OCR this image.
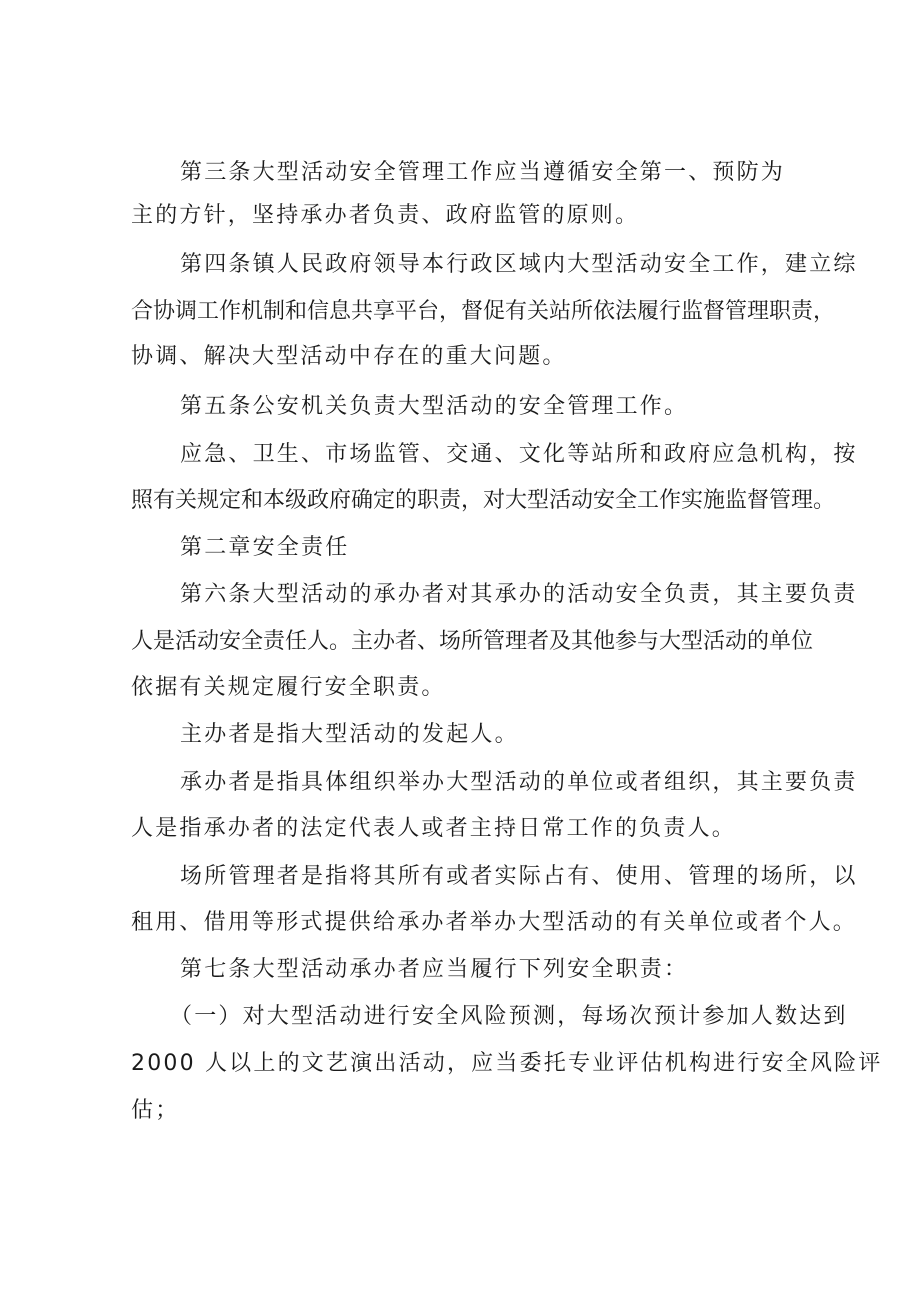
第三条大型活动安全管理工作应当遵循安全第一、预防为
主的方针，坚持承办者负责、政府监管的原则。
第四条镇人民政府领导本行政区域内大型活动安全工作，建立综
合协调工作机制和信息共享平台，督促有关站所依法履行监督管理职责，
协调、解决大型活动中存在的重大问题。
第五条公安机关负责大型活动的安全管理工作。
应急、卫生、市场监管、交通、文化等站所和政府应急机构，按
照有关规定和本级政府确定的职责，对大型活动安全工作实施监督管理。
第二章安全责任
第六条大型活动的承办者对其承办的活动安全负责，其主要负责
人是活动安全责任人。主办者、场所管理者及其他参与大型活动的单位
依据有关规定履行安全职责。
主办者是指大型活动的发起人。
承办者是指具体组织举办大型活动的单位或者组织，其主要负责
人是指承办者的法定代表人或者主持日常工作的负责人。
场所管理者是指将其所有或者实际占有、使用、管理的场所，以
租用、借用等形式提供给承办者举办大型活动的有关单位或者个人。
第七条大型活动承办者应当履行下列安全职责：
（一）对大型活动进行安全风险预测，每场次预计参加人数达到
2000 人以上的文艺演出活动，应当委托专业评估机构进行安全风险评
估；
